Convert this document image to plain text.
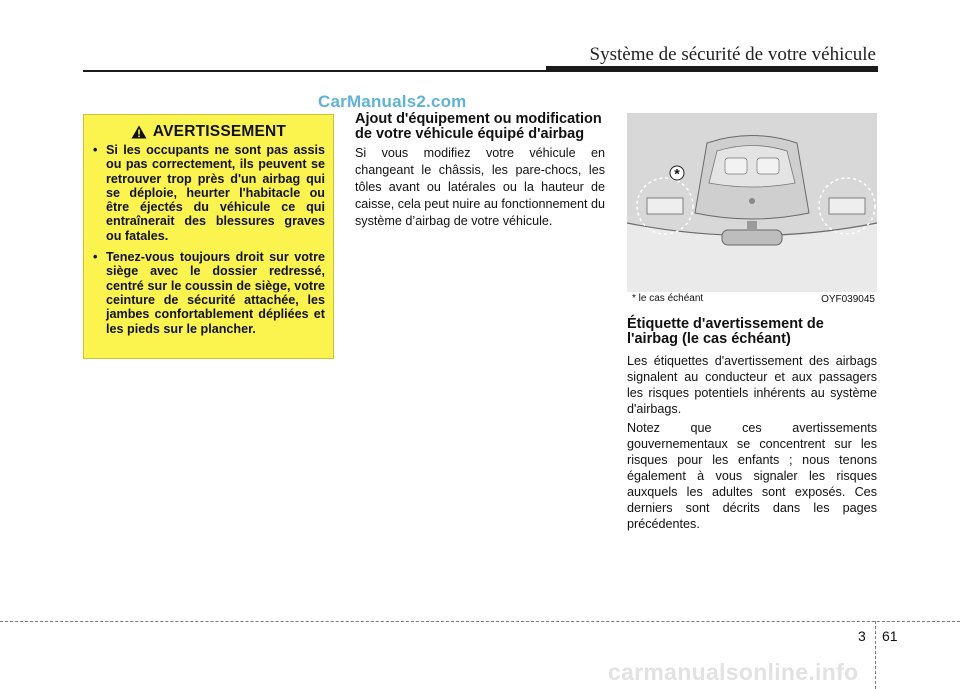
Système de sécurité de votre véhicule
CarManuals2.com
AVERTISSEMENT
• Si les occupants ne sont pas assis ou pas correctement, ils peuvent se retrouver trop près d'un airbag qui se déploie, heurter l'habitacle ou être éjectés du véhicule ce qui entraînerait des blessures graves ou fatales.
• Tenez-vous toujours droit sur votre siège avec le dossier redressé, centré sur le coussin de siège, votre ceinture de sécurité attachée, les jambes confortablement dépliées et les pieds sur le plancher.
Ajout d'équipement ou modification de votre véhicule équipé d'airbag

Si vous modifiez votre véhicule en changeant le châssis, les pare-chocs, les tôles avant ou latérales ou la hauteur de caisse, cela peut nuire au fonctionnement du système d’airbag de votre véhicule.

*
* le cas échéant	OYF039045
Étiquette d'avertissement de l'airbag (le cas échéant)

Les étiquettes d'avertissement des airbags signalent au conducteur et aux passagers les risques potentiels inhérents au système d'airbags.

Notez que ces avertissements gouvernementaux se concentrent sur les risques pour les enfants ; nous tenons également à vous signaler les risques auxquels les adultes sont exposés. Ces derniers sont décrits dans les pages précédentes.

3 61
carmanualsonline.info
